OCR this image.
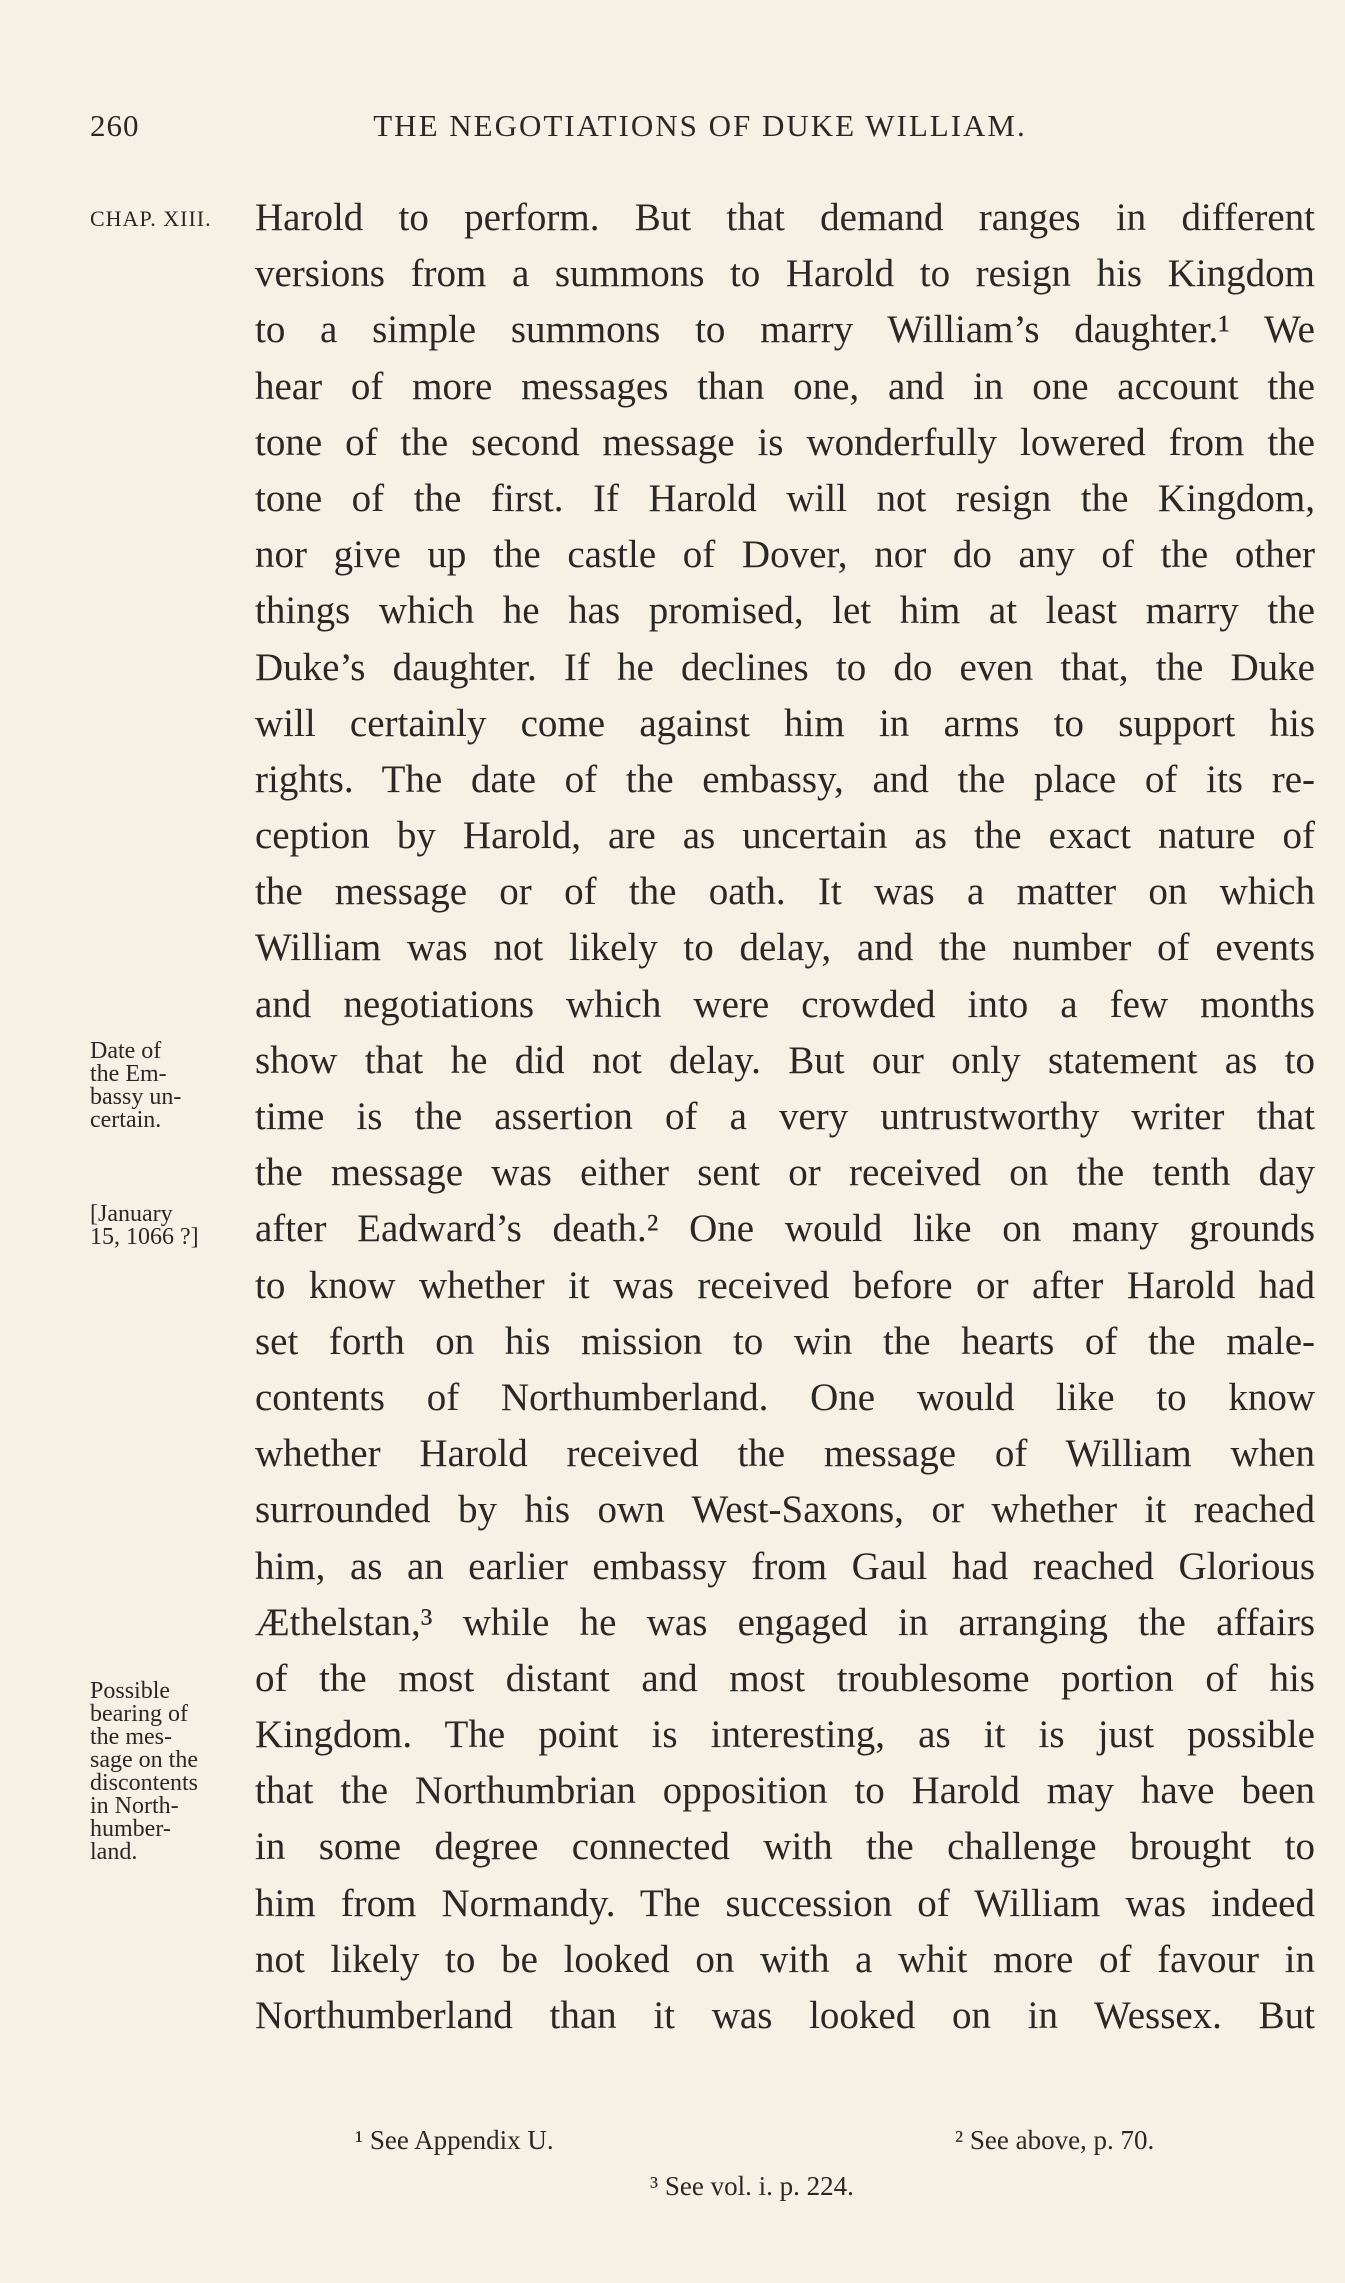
260	THE NEGOTIATIONS OF DUKE WILLIAM.
CHAP. XIII. Harold to perform. But that demand ranges in different
versions from a summons to Harold to resign his Kingdom
to a simple summons to marry William’s daughter.¹ We
hear of more messages than one, and in one account the
tone of the second message is wonderfully lowered from the
tone of the first. If Harold will not resign the Kingdom,
nor give up the castle of Dover, nor do any of the other
things which he has promised, let him at least marry the
Duke’s daughter. If he declines to do even that, the Duke
will certainly come against him in arms to support his
rights. The date of the embassy, and the place of its re-
ception by Harold, are as uncertain as the exact nature of
the message or of the oath. It was a matter on which
William was not likely to delay, and the number of events
and negotiations which were crowded into a few months
show that he did not delay. But our only statement as to
time is the assertion of a very untrustworthy writer that
the message was either sent or received on the tenth day
after Eadward’s death.² One would like on many grounds
to know whether it was received before or after Harold had
set forth on his mission to win the hearts of the male-
contents of Northumberland. One would like to know
whether Harold received the message of William when
surrounded by his own West-Saxons, or whether it reached
him, as an earlier embassy from Gaul had reached Glorious
Æthelstan,³ while he was engaged in arranging the affairs
of the most distant and most troublesome portion of his
Kingdom. The point is interesting, as it is just possible
that the Northumbrian opposition to Harold may have been
in some degree connected with the challenge brought to
him from Normandy. The succession of William was indeed
not likely to be looked on with a whit more of favour in
Northumberland than it was looked on in Wessex. But
Date of
the Em-
bassy un-
certain.
[January
15, 1066 ?]
Possible
bearing of
the mes-
sage on the
discontents
in North-
humber-
land.
¹ See Appendix U.	² See above, p. 70.
³ See vol. i. p. 224.
